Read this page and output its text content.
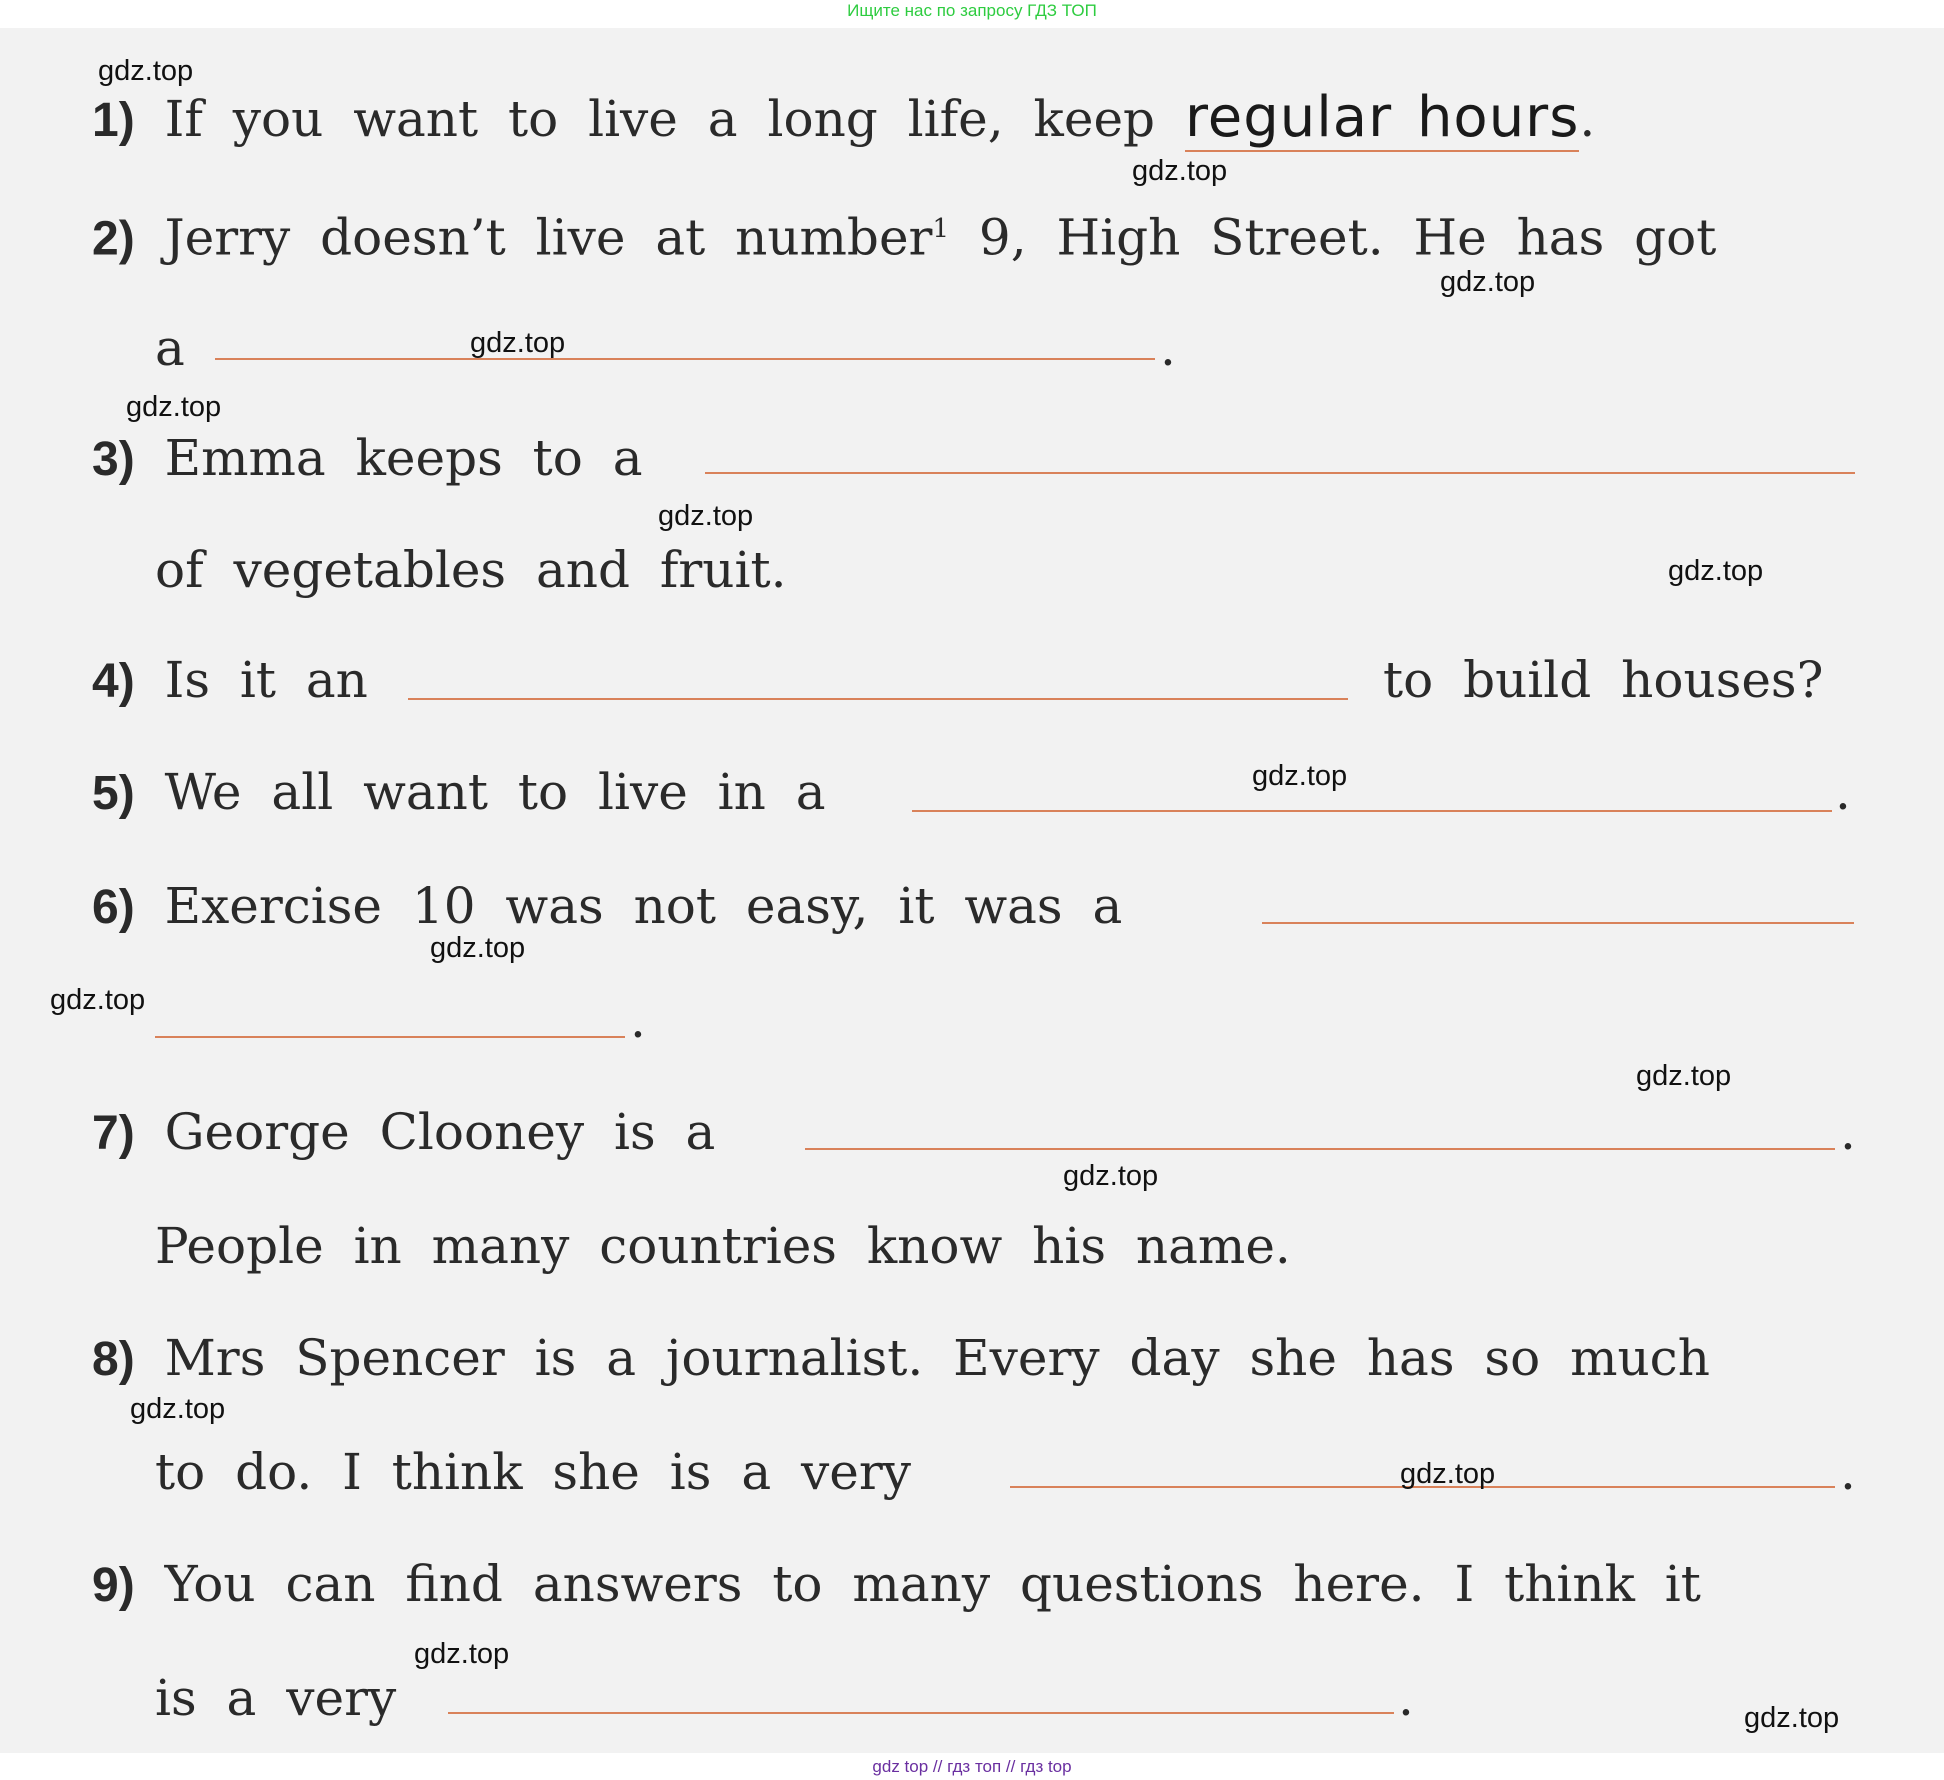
Ищите нас по запросу ГДЗ ТОП
1) If you want to live a long life, keep regular hours.
2) Jerry doesn’t live at number$^1$ 9, High Street. He has got
a	.
3) Emma keeps to a
of vegetables and fruit.
4) Is it an	to build houses?
5) We all want to live in a	.
6) Exercise 10 was not easy, it was a
.
7) George Clooney is a	.
People in many countries know his name.
8) Mrs Spencer is a journalist. Every day she has so much
to do. I think she is a very	.
9) You can find answers to many questions here. I think it
is a very	.
gdz.top
gdz.top
gdz.top
gdz.top
gdz.top
gdz.top
gdz.top
gdz.top
gdz.top
gdz.top
gdz.top
gdz.top
gdz.top
gdz.top
gdz.top
gdz.top
gdz top // гдз топ // гдз top
